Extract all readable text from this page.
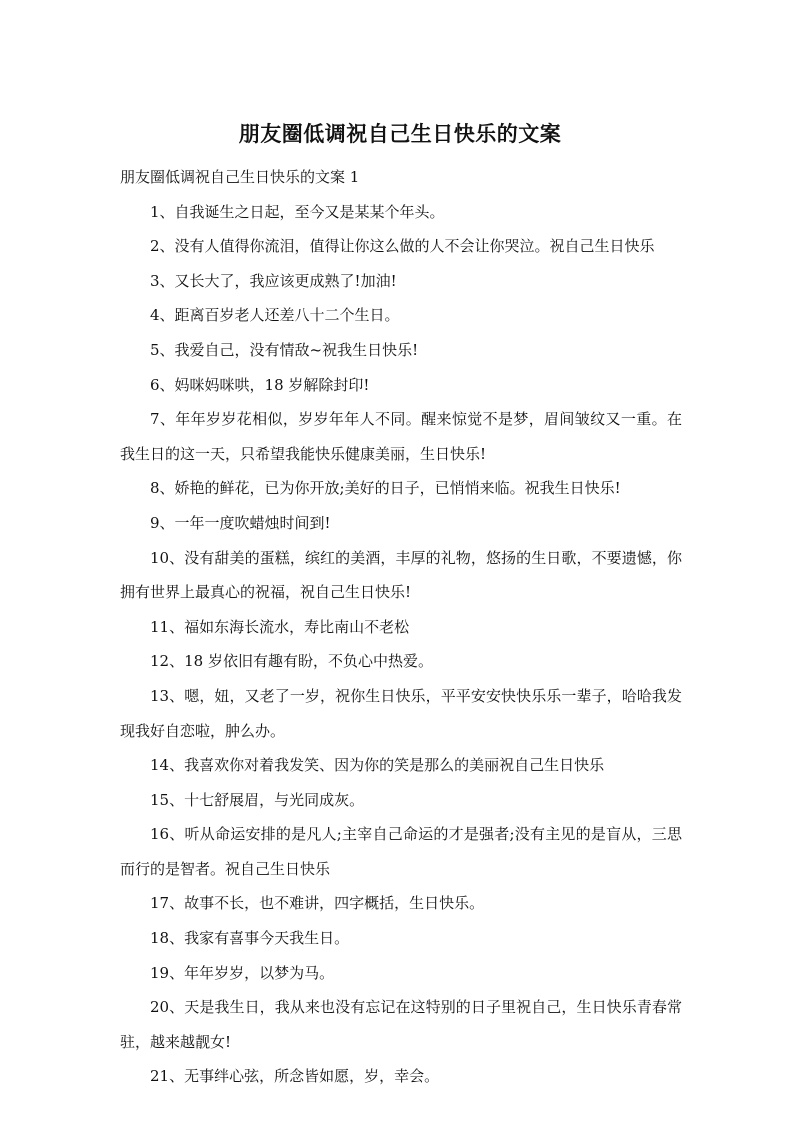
朋友圈低调祝自己生日快乐的文案

朋友圈低调祝自己生日快乐的文案 1

1、自我诞生之日起，至今又是某某个年头。

2、没有人值得你流泪，值得让你这么做的人不会让你哭泣。祝自己生日快乐

3、又长大了，我应该更成熟了!加油!

4、距离百岁老人还差八十二个生日。

5、我爱自己，没有情敌~祝我生日快乐!

6、妈咪妈咪哄，18 岁解除封印!

7、年年岁岁花相似，岁岁年年人不同。醒来惊觉不是梦，眉间皱纹又一重。在我生日的这一天，只希望我能快乐健康美丽，生日快乐!

8、娇艳的鲜花，已为你开放;美好的日子，已悄悄来临。祝我生日快乐!

9、一年一度吹蜡烛时间到!

10、没有甜美的蛋糕，缤红的美酒，丰厚的礼物，悠扬的生日歌，不要遗憾，你拥有世界上最真心的祝福，祝自己生日快乐!

11、福如东海长流水，寿比南山不老松

12、18 岁依旧有趣有盼，不负心中热爱。

13、嗯，妞，又老了一岁，祝你生日快乐，平平安安快快乐乐一辈子，哈哈我发现我好自恋啦，肿么办。

14、我喜欢你对着我发笑、因为你的笑是那么的美丽祝自己生日快乐

15、十七舒展眉，与光同成灰。

16、听从命运安排的是凡人;主宰自己命运的才是强者;没有主见的是盲从，三思而行的是智者。祝自己生日快乐

17、故事不长，也不难讲，四字概括，生日快乐。

18、我家有喜事今天我生日。

19、年年岁岁，以梦为马。

20、天是我生日，我从来也没有忘记在这特别的日子里祝自己，生日快乐青春常驻，越来越靓女!

21、无事绊心弦，所念皆如愿，岁，幸会。
